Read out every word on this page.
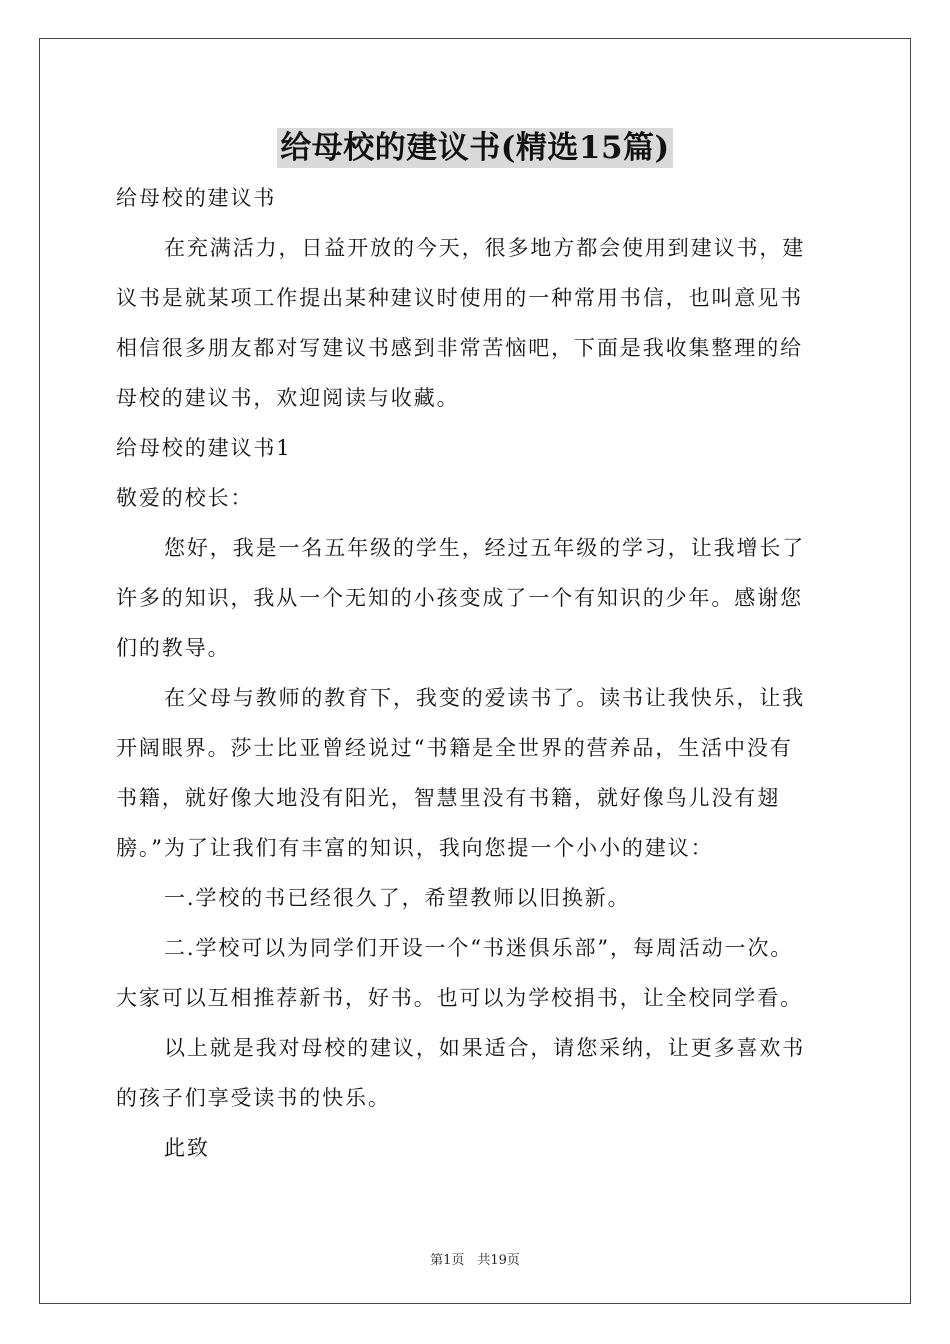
给母校的建议书(精选15篇)
给母校的建议书
在充满活力，日益开放的今天，很多地方都会使用到建议书，建
议书是就某项工作提出某种建议时使用的一种常用书信，也叫意见书
相信很多朋友都对写建议书感到非常苦恼吧，下面是我收集整理的给
母校的建议书，欢迎阅读与收藏。
给母校的建议书1
敬爱的校长：
您好，我是一名五年级的学生，经过五年级的学习，让我增长了
许多的知识，我从一个无知的小孩变成了一个有知识的少年。感谢您
们的教导。
在父母与教师的教育下，我变的爱读书了。读书让我快乐，让我
开阔眼界。莎士比亚曾经说过“书籍是全世界的营养品，生活中没有
书籍，就好像大地没有阳光，智慧里没有书籍，就好像鸟儿没有翅
膀。”为了让我们有丰富的知识，我向您提一个小小的建议：
一.学校的书已经很久了，希望教师以旧换新。
二.学校可以为同学们开设一个“书迷俱乐部”，每周活动一次。
大家可以互相推荐新书，好书。也可以为学校捐书，让全校同学看。
以上就是我对母校的建议，如果适合，请您采纳，让更多喜欢书
的孩子们享受读书的快乐。
此致
第1页　共19页
